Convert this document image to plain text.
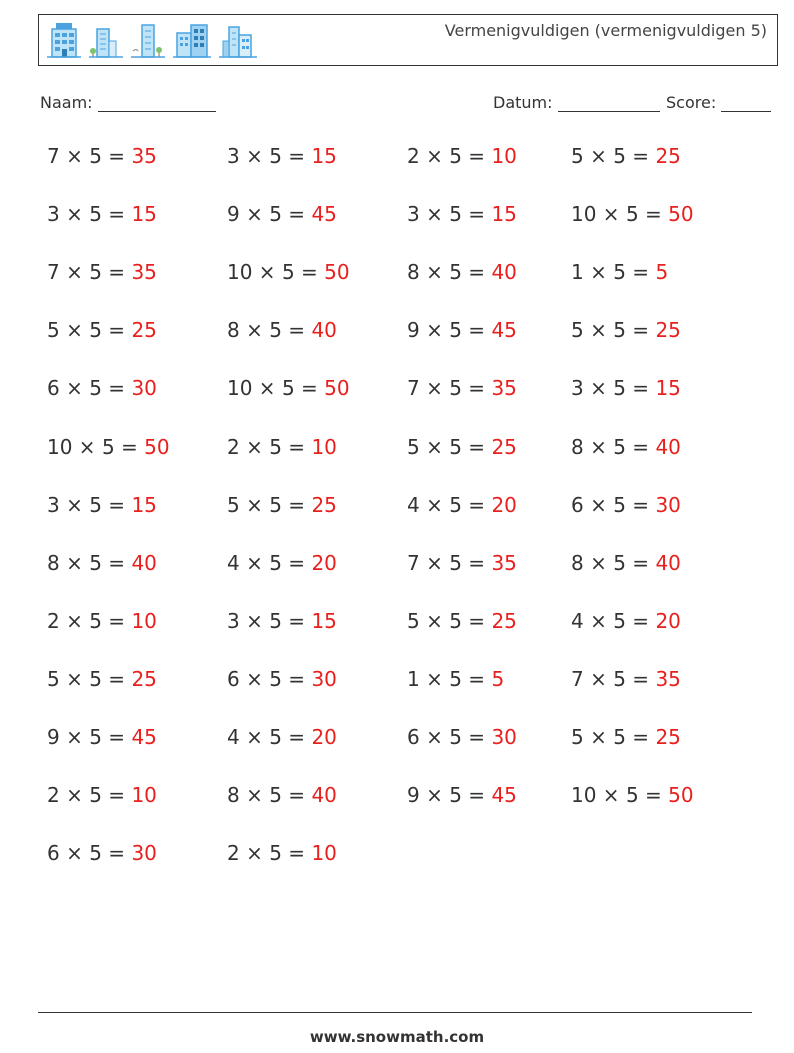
Vermenigvuldigen (vermenigvuldigen 5)
Naam:	Datum:	Score:
7 × 5 = 35
3 × 5 = 15
7 × 5 = 35
5 × 5 = 25
6 × 5 = 30
10 × 5 = 50
3 × 5 = 15
8 × 5 = 40
2 × 5 = 10
5 × 5 = 25
9 × 5 = 45
2 × 5 = 10
6 × 5 = 30
3 × 5 = 15
9 × 5 = 45
10 × 5 = 50
8 × 5 = 40
10 × 5 = 50
2 × 5 = 10
5 × 5 = 25
4 × 5 = 20
3 × 5 = 15
6 × 5 = 30
4 × 5 = 20
8 × 5 = 40
2 × 5 = 10
2 × 5 = 10
3 × 5 = 15
8 × 5 = 40
9 × 5 = 45
7 × 5 = 35
5 × 5 = 25
4 × 5 = 20
7 × 5 = 35
5 × 5 = 25
1 × 5 = 5
6 × 5 = 30
9 × 5 = 45
5 × 5 = 25
10 × 5 = 50
1 × 5 = 5
5 × 5 = 25
3 × 5 = 15
8 × 5 = 40
6 × 5 = 30
8 × 5 = 40
4 × 5 = 20
7 × 5 = 35
5 × 5 = 25
10 × 5 = 50
www.snowmath.com
